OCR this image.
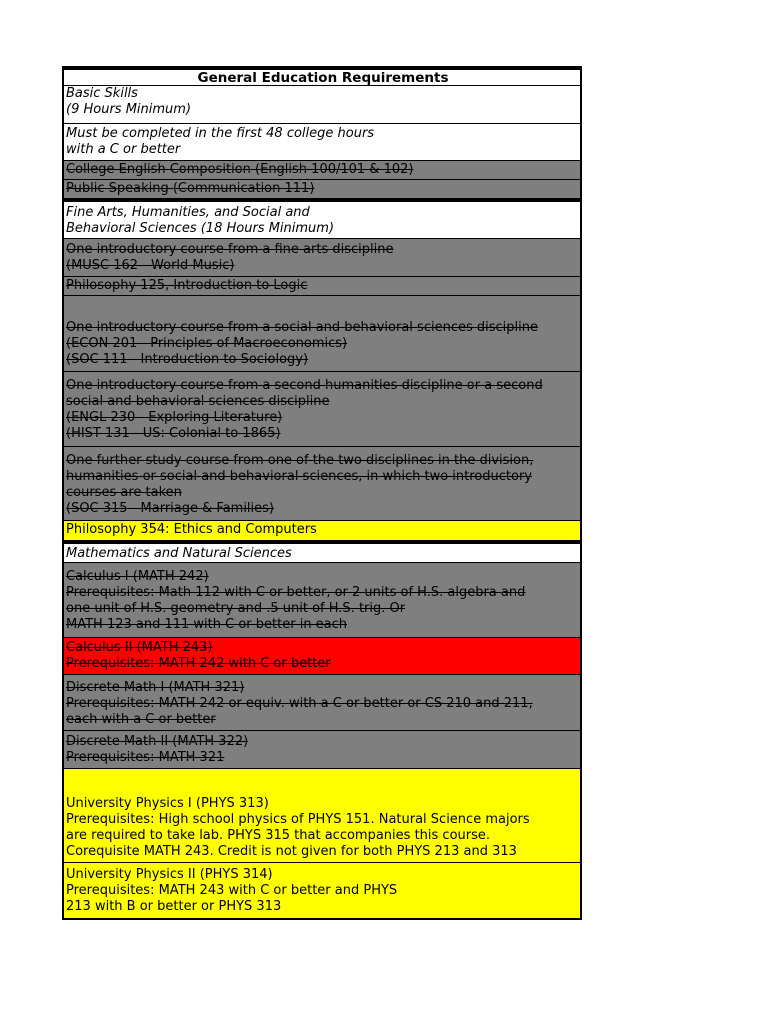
General Education Requirements
Basic Skills
(9 Hours Minimum)
Must be completed in the first 48 college hours
with a C or better
College English Composition (English 100/101 & 102)
Public Speaking (Communication 111)
Fine Arts, Humanities, and Social and
Behavioral Sciences (18 Hours Minimum)
One introductory course from a fine arts discipline
(MUSC 162 - World Music)
Philosophy 125, Introduction to Logic
One introductory course from a social and behavioral sciences discipline
(ECON 201 - Principles of Macroeconomics)
(SOC 111 - Introduction to Sociology)
One introductory course from a second humanities discipline or a second
social and behavioral sciences discipline
(ENGL 230 - Exploring Literature)
(HIST 131 - US: Colonial to 1865)
One further study course from one of the two disciplines in the division,
humanities or social and behavioral sciences, in which two introductory
courses are taken
(SOC 315 - Marriage & Families)
Philosophy 354: Ethics and Computers
Mathematics and Natural Sciences
Calculus I (MATH 242)
Prerequisites: Math 112 with C or better, or 2 units of H.S. algebra and
one unit of H.S. geometry and .5 unit of H.S. trig. Or
MATH 123 and 111 with C or better in each
Calculus II (MATH 243)
Prerequisites: MATH 242 with C or better
Discrete Math I (MATH 321)
Prerequisites: MATH 242 or equiv. with a C or better or CS 210 and 211,
each with a C or better
Discrete Math II (MATH 322)
Prerequisites: MATH 321
University Physics I (PHYS 313)
Prerequisites: High school physics of PHYS 151. Natural Science majors
are required to take lab. PHYS 315 that accompanies this course.
Corequisite MATH 243. Credit is not given for both PHYS 213 and 313
University Physics II (PHYS 314)
Prerequisites: MATH 243 with C or better and PHYS
213 with B or better or PHYS 313
